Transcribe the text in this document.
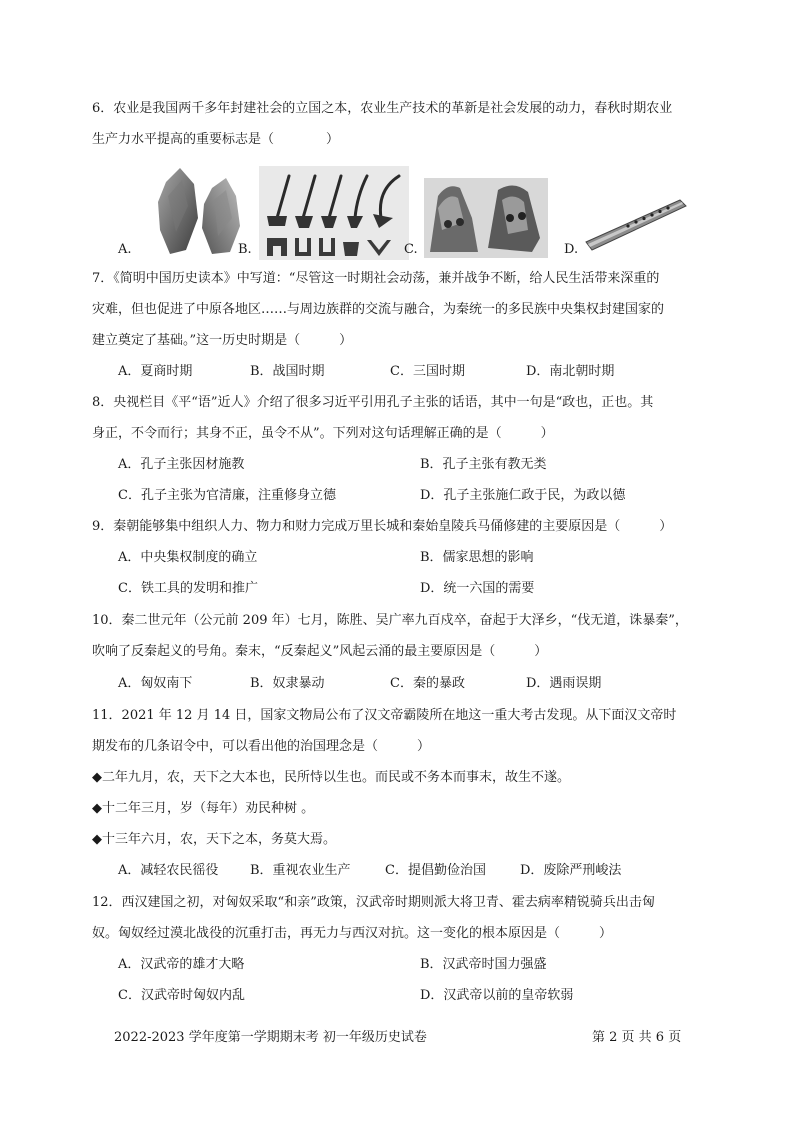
6．农业是我国两千多年封建社会的立国之本，农业生产技术的革新是社会发展的动力，春秋时期农业
生产力水平提高的重要标志是（　　　　）
A.	B.	C.	D.
7．《简明中国历史读本》中写道：“尽管这一时期社会动荡，兼并战争不断，给人民生活带来深重的
灾难，但也促进了中原各地区……与周边族群的交流与融合，为秦统一的多民族中央集权封建国家的
建立奠定了基础。”这一历史时期是（　　　）
A．夏商时期	B．战国时期	C．三国时期	D．南北朝时期
8．央视栏目《平“语”近人》介绍了很多习近平引用孔子主张的话语，其中一句是“政也，正也。其
身正，不令而行；其身不正，虽令不从”。下列对这句话理解正确的是（　　　）
A．孔子主张因材施教	B．孔子主张有教无类
C．孔子主张为官清廉，注重修身立德	D．孔子主张施仁政于民，为政以德
9．秦朝能够集中组织人力、物力和财力完成万里长城和秦始皇陵兵马俑修建的主要原因是（　　　）
A．中央集权制度的确立	B．儒家思想的影响
C．铁工具的发明和推广	D．统一六国的需要
10．秦二世元年（公元前 209 年）七月，陈胜、吴广率九百戍卒，奋起于大泽乡，“伐无道，诛暴秦”，
吹响了反秦起义的号角。秦末，“反秦起义”风起云涌的最主要原因是（　　　）
A．匈奴南下	B．奴隶暴动	C．秦的暴政	D．遇雨误期
11．2021 年 12 月 14 日，国家文物局公布了汉文帝霸陵所在地这一重大考古发现。从下面汉文帝时
期发布的几条诏令中，可以看出他的治国理念是（　　　）
◆二年九月，农，天下之大本也，民所恃以生也。而民或不务本而事末，故生不遂。
◆十二年三月，岁（每年）劝民种树 。
◆十三年六月，农，天下之本，务莫大焉。
A．减轻农民徭役 B．重视农业生产	C．提倡勤俭治国	D．废除严刑峻法
12．西汉建国之初，对匈奴采取“和亲”政策，汉武帝时期则派大将卫青、霍去病率精锐骑兵出击匈
奴。匈奴经过漠北战役的沉重打击，再无力与西汉对抗。这一变化的根本原因是（　　　）
A．汉武帝的雄才大略	B．汉武帝时国力强盛
C．汉武帝时匈奴内乱	D．汉武帝以前的皇帝软弱
2022-2023 学年度第一学期期末考 初一年级历史试卷	第 2 页 共 6 页
